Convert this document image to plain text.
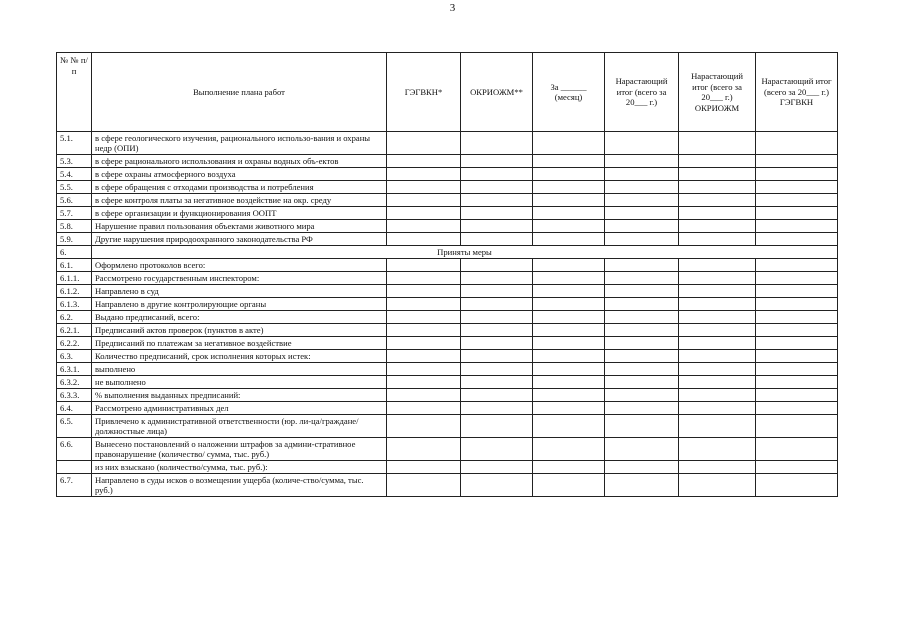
3
№ № п/п	Выполнение плана работ	ГЭГВКН*	ОКРИОЖМ**	За ______ (месяц)	Нарастающий итог (всего за 20___ г.)	Нарастающий итог (всего за 20___ г.) ОКРИОЖМ	Нарастающий итог (всего за 20___ г.) ГЭГВКН
5.1.	в сфере геологического изучения, рационального использо-вания и охраны недр (ОПИ)						
5.3.	в сфере рационального использования и охраны водных объ-ектов						
5.4.	в сфере охраны атмосферного воздуха						
5.5.	в сфере обращения с отходами производства и потребления						
5.6.	в сфере контроля платы за негативное воздействие на окр. среду						
5.7.	в сфере организации и функционирования ООПТ						
5.8.	Нарушение правил пользования объектами животного мира						
5.9.	Другие нарушения природоохранного законодательства РФ						
6.	Приняты меры						
6.1.	Оформлено протоколов всего:						
6.1.1.	Рассмотрено государственным инспектором:						
6.1.2.	Направлено в суд						
6.1.3.	Направлено в другие контролирующие органы						
6.2.	Выдано предписаний, всего:						
6.2.1.	Предписаний актов проверок (пунктов в акте)						
6.2.2.	Предписаний по платежам за негативное воздействие						
6.3.	Количество предписаний, срок исполнения которых истек:						
6.3.1.	выполнено						
6.3.2.	не выполнено						
6.3.3.	% выполнения выданных предписаний:						
6.4.	Рассмотрено административных дел						
6.5.	Привлечено к административной ответственности (юр. ли-ца/граждане/должностные лица)						
6.6.	Вынесено постановлений о наложении штрафов за админи-стративное правонарушение (количество/ сумма, тыс. руб.)						
	из них взыскано (количество/сумма, тыс. руб.):						
6.7.	Направлено в суды исков о возмещении ущерба (количе-ство/сумма, тыс. руб.)						
